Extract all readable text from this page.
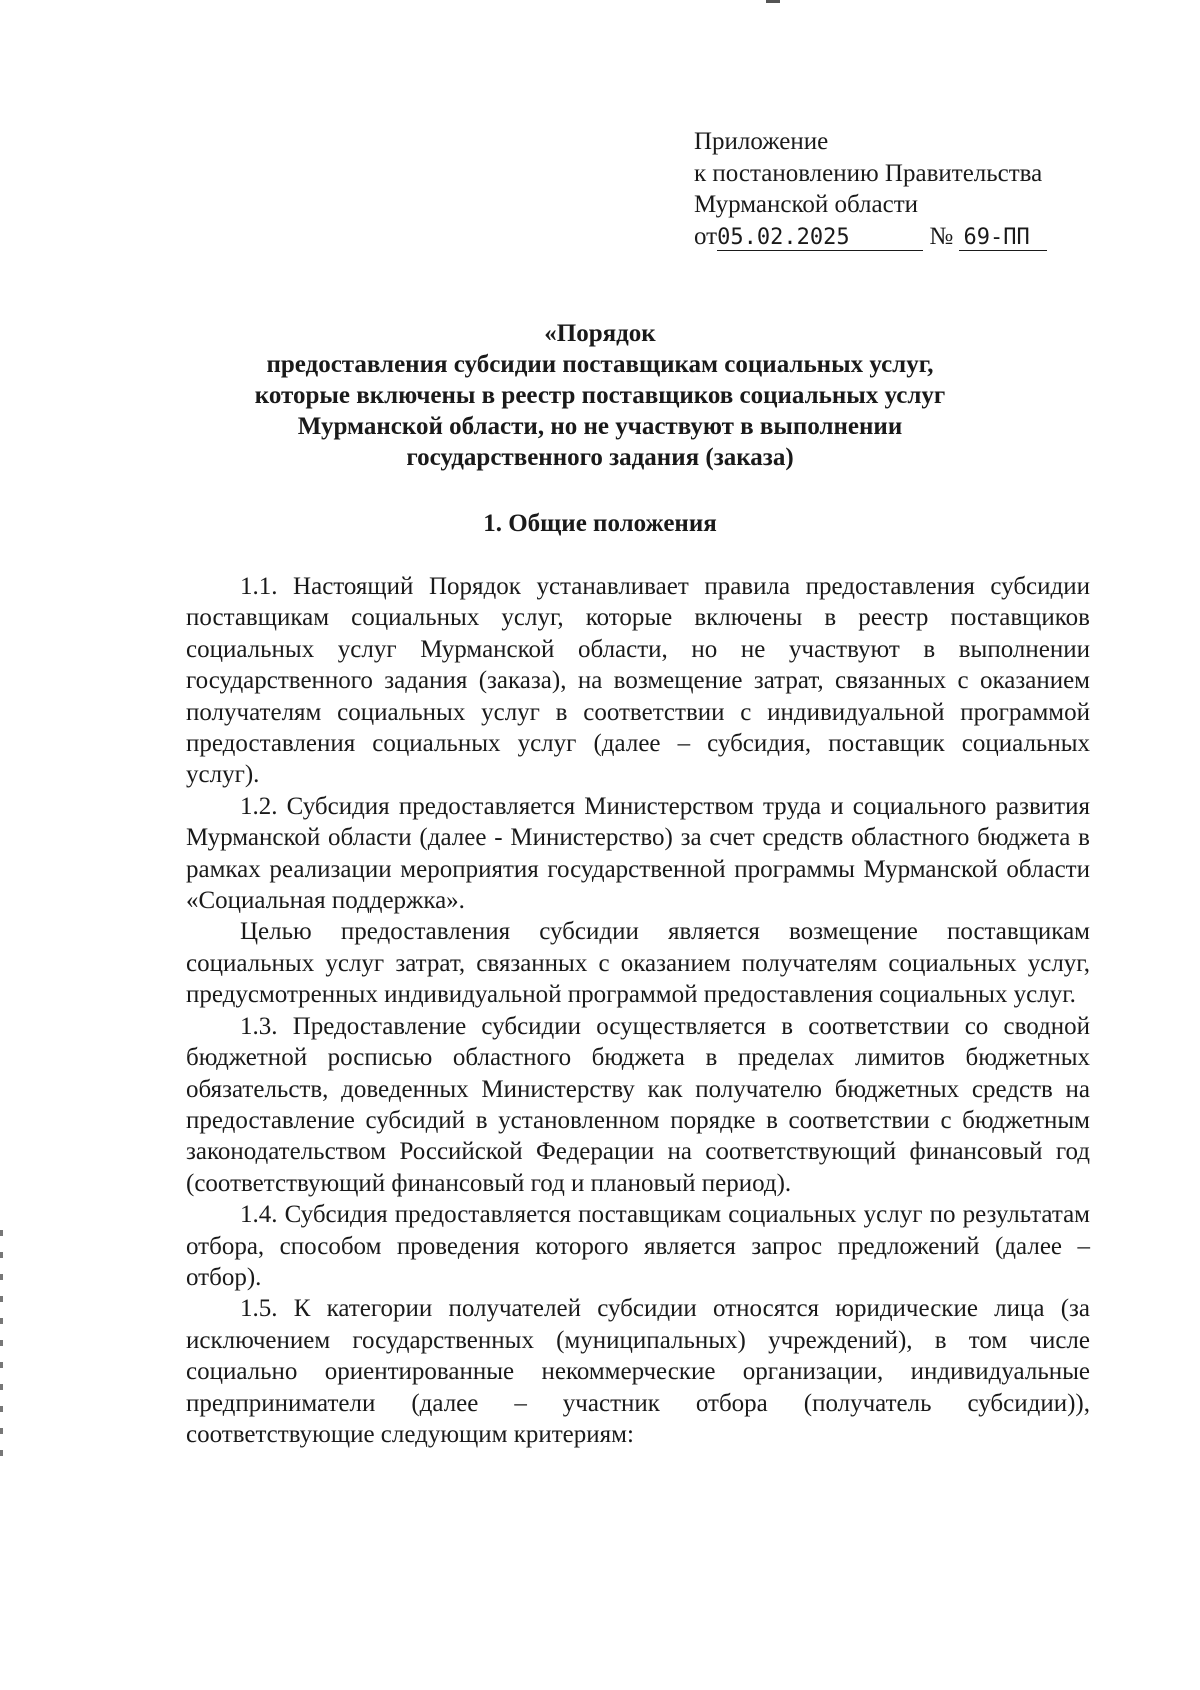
Приложение
к постановлению Правительства
Мурманской области
от05.02.2025	№ 69-ПП
«Порядок
предоставления субсидии поставщикам социальных услуг,
которые включены в реестр поставщиков социальных услуг
Мурманской области, но не участвуют в выполнении
государственного задания (заказа)
1. Общие положения

1.1. Настоящий Порядок устанавливает правила предоставления субсидии поставщикам социальных услуг, которые включены в реестр поставщиков социальных услуг Мурманской области, но не участвуют в выполнении государственного задания (заказа), на возмещение затрат, связанных с оказанием получателям социальных услуг в соответствии с индивидуальной программой предоставления социальных услуг (далее – субсидия, поставщик социальных услуг).

1.2. Субсидия предоставляется Министерством труда и социального развития Мурманской области (далее - Министерство) за счет средств областного бюджета в рамках реализации мероприятия государственной программы Мурманской области «Социальная поддержка».

Целью предоставления субсидии является возмещение поставщикам социальных услуг затрат, связанных с оказанием получателям социальных услуг, предусмотренных индивидуальной программой предоставления социальных услуг.

1.3. Предоставление субсидии осуществляется в соответствии со сводной бюджетной росписью областного бюджета в пределах лимитов бюджетных обязательств, доведенных Министерству как получателю бюджетных средств на предоставление субсидий в установленном порядке в соответствии с бюджетным законодательством Российской Федерации на соответствующий финансовый год (соответствующий финансовый год и плановый период).

1.4. Субсидия предоставляется поставщикам социальных услуг по результатам отбора, способом проведения которого является запрос предложений (далее – отбор).

1.5. К категории получателей субсидии относятся юридические лица (за исключением государственных (муниципальных) учреждений), в том числе социально ориентированные некоммерческие организации, индивидуальные предприниматели (далее – участник отбора (получатель субсидии)), соответствующие следующим критериям:
